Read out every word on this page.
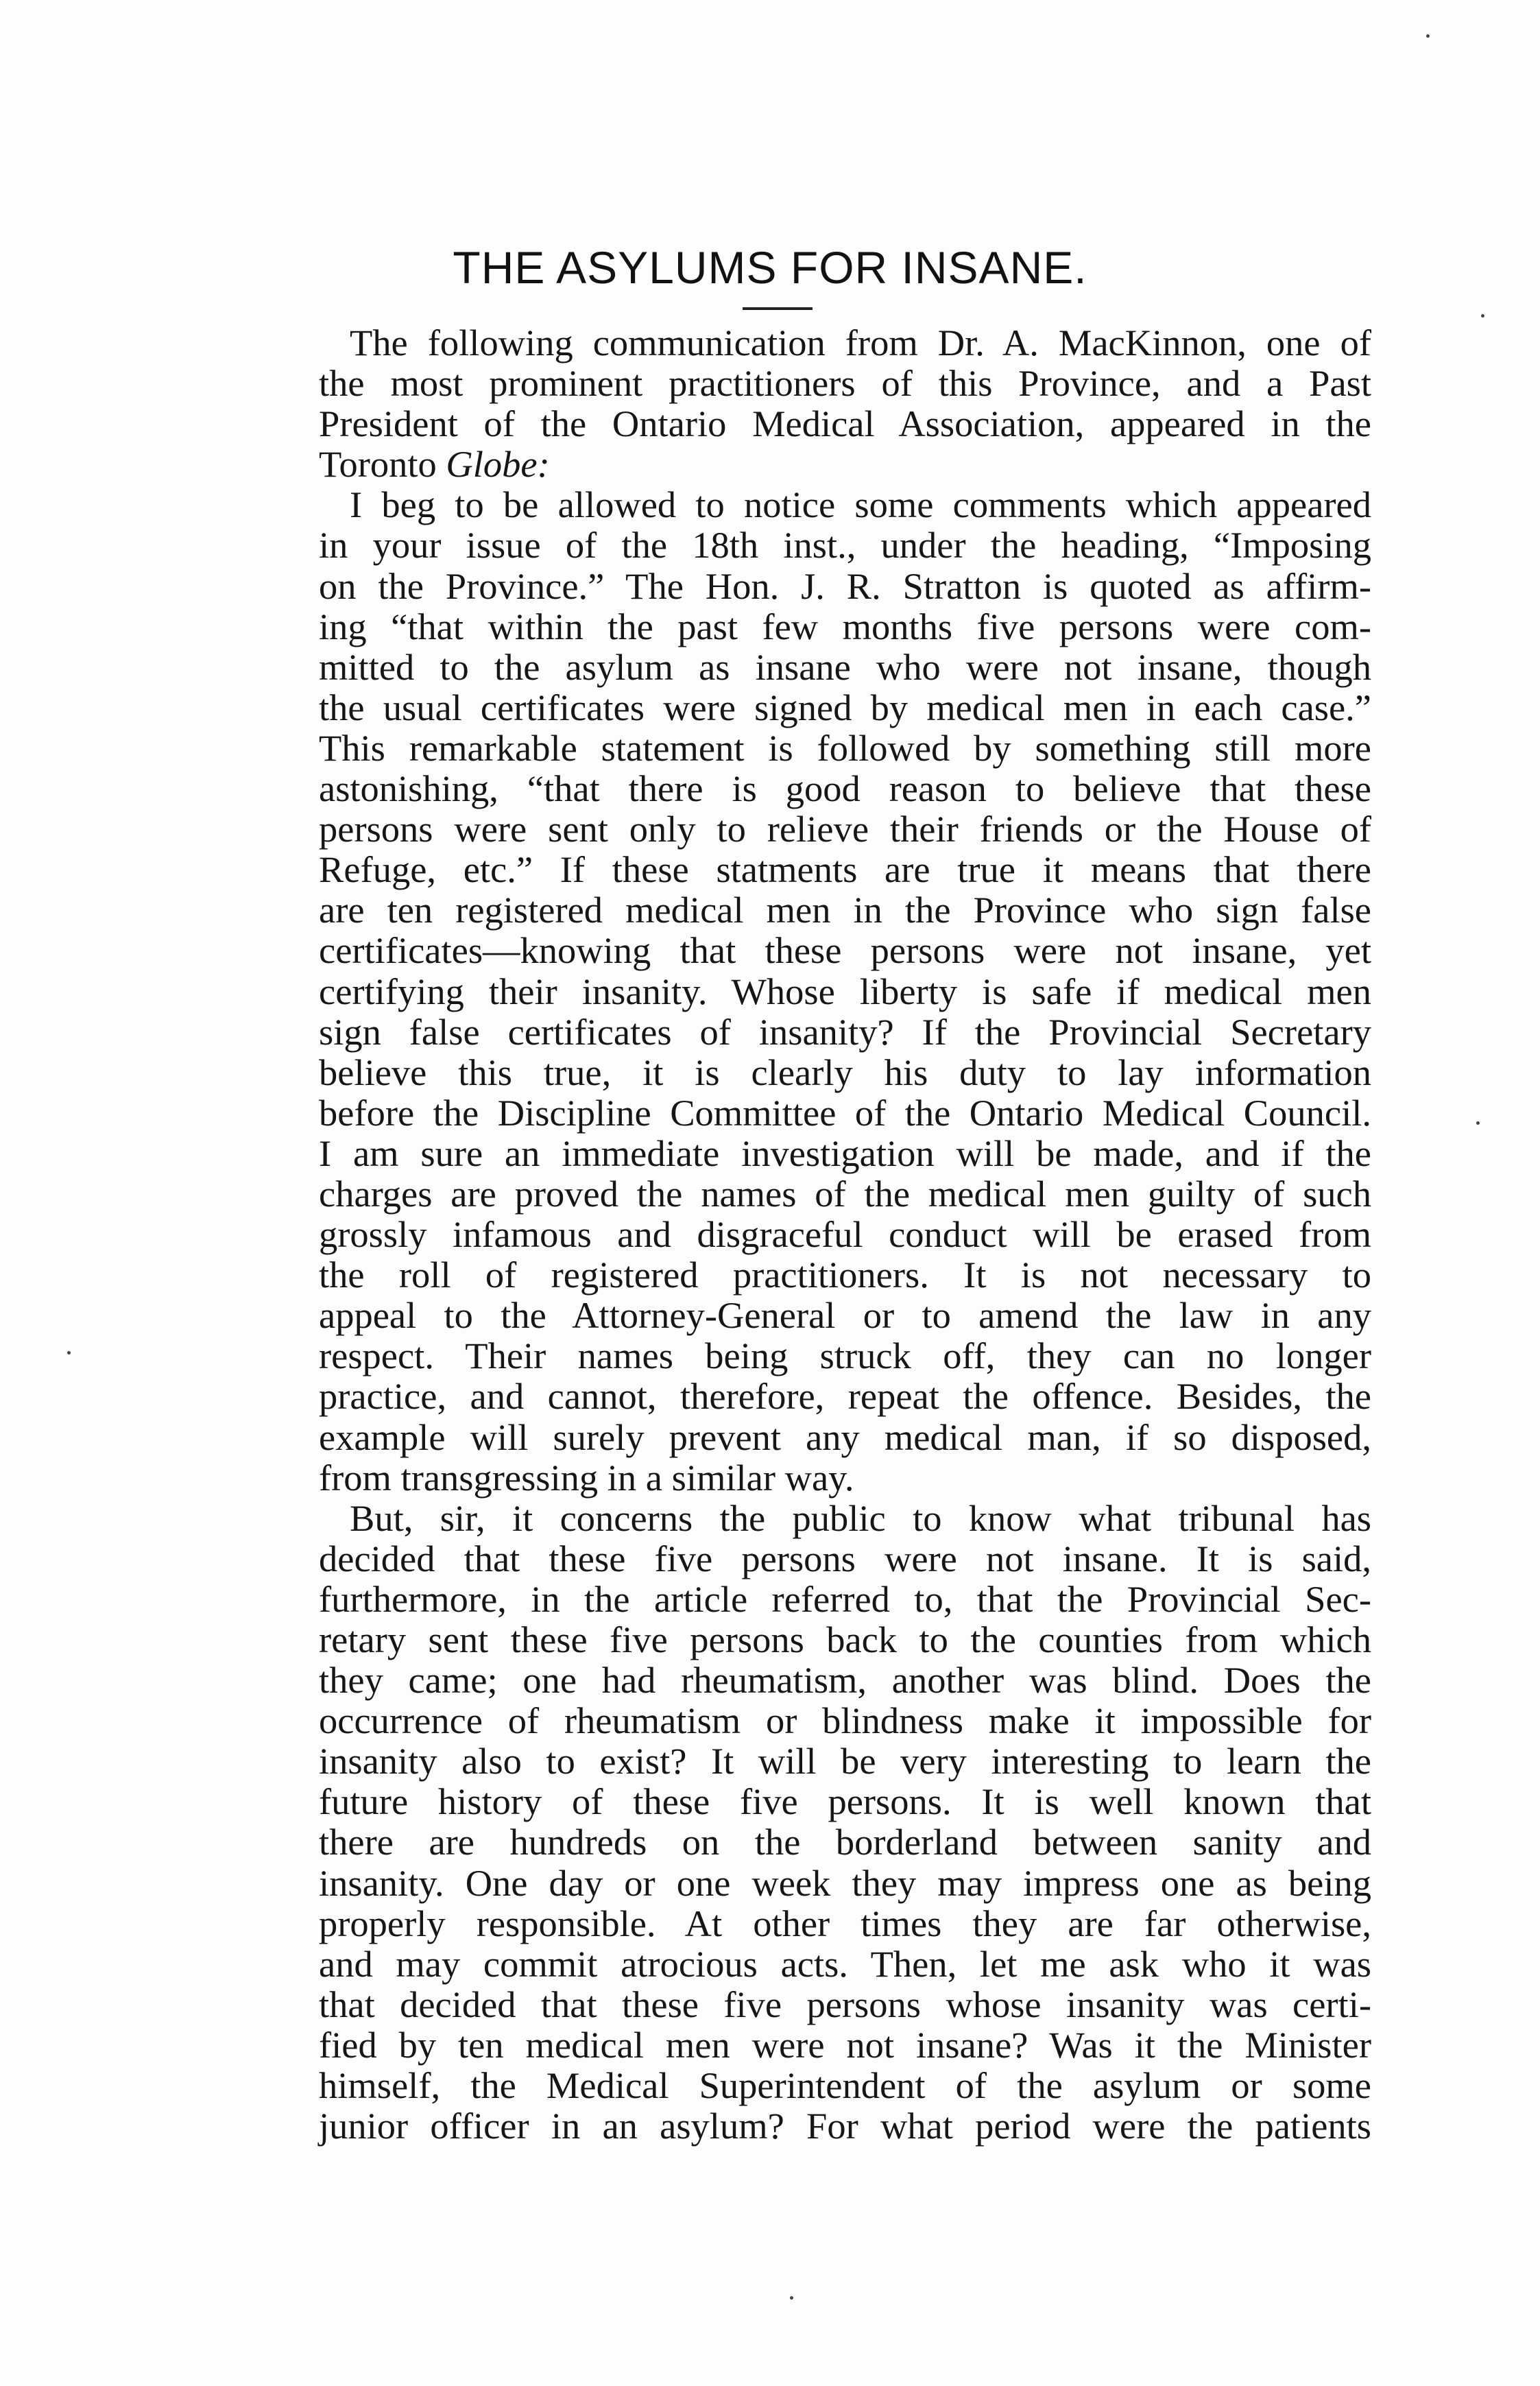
THE ASYLUMS FOR INSANE.

The following communication from Dr. A. MacKinnon, one of

the most prominent practitioners of this Province, and a Past

President of the Ontario Medical Association, appeared in the

Toronto Globe:

I beg to be allowed to notice some comments which appeared

in your issue of the 18th inst., under the heading, “Imposing

on the Province.” The Hon. J. R. Stratton is quoted as affirm-

ing “that within the past few months five persons were com-

mitted to the asylum as insane who were not insane, though

the usual certificates were signed by medical men in each case.”

This remarkable statement is followed by something still more

astonishing, “that there is good reason to believe that these

persons were sent only to relieve their friends or the House of

Refuge, etc.” If these statments are true it means that there

are ten registered medical men in the Province who sign false

certificates—knowing that these persons were not insane, yet

certifying their insanity. Whose liberty is safe if medical men

sign false certificates of insanity? If the Provincial Secretary

believe this true, it is clearly his duty to lay information

before the Discipline Committee of the Ontario Medical Council.

I am sure an immediate investigation will be made, and if the

charges are proved the names of the medical men guilty of such

grossly infamous and disgraceful conduct will be erased from

the roll of registered practitioners. It is not necessary to

appeal to the Attorney-General or to amend the law in any

respect. Their names being struck off, they can no longer

practice, and cannot, therefore, repeat the offence. Besides, the

example will surely prevent any medical man, if so disposed,

from transgressing in a similar way.

But, sir, it concerns the public to know what tribunal has

decided that these five persons were not insane. It is said,

furthermore, in the article referred to, that the Provincial Sec-

retary sent these five persons back to the counties from which

they came; one had rheumatism, another was blind. Does the

occurrence of rheumatism or blindness make it impossible for

insanity also to exist? It will be very interesting to learn the

future history of these five persons. It is well known that

there are hundreds on the borderland between sanity and

insanity. One day or one week they may impress one as being

properly responsible. At other times they are far otherwise,

and may commit atrocious acts. Then, let me ask who it was

that decided that these five persons whose insanity was certi-

fied by ten medical men were not insane? Was it the Minister

himself, the Medical Superintendent of the asylum or some

junior officer in an asylum? For what period were the patients
